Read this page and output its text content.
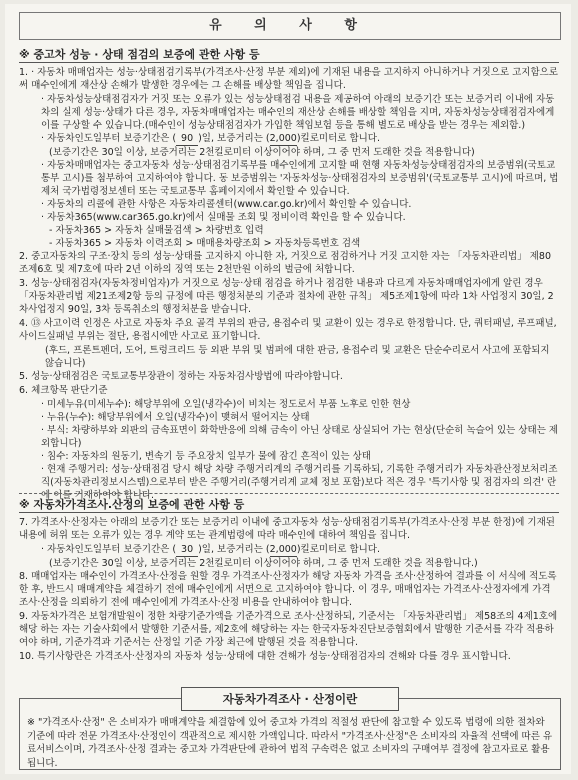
유 의 사 항
※ 중고차 성능 · 상태 점검의 보증에 관한 사항 등

1. · 자동차 매매업자는 성능·상태점검기록부(가격조사·산정 부분 제외)에 기재된 내용을 고지하지 아니하거나 거짓으로 고지함으로써 매수인에게 재산상 손해가 발생한 경우에는 그 손해를 배상할 책임을 집니다.

· 자동차성능상태점검자가 거짓 또는 오류가 있는 성능상태점검 내용을 제공하여 아래의 보증기간 또는 보증거리 이내에 자동차의 실제 성능·상태가 다른 경우, 자동차매매업자는 매수인의 재산상 손해를 배상할 책임을 지며, 자동차성능상태점검자에게 이를 구상할 수 있습니다.(매수인이 성능상태점검자가 가입한 책임보험 등을 통해 별도로 배상을 받는 경우는 제외함.)

· 자동차인도일부터 보증기간은 ( 90 )일, 보증거리는 (2,000)킬로미터로 합니다.

(보증기간은 30일 이상, 보증거리는 2천킬로미터 이상이어야 하며, 그 중 먼저 도래한 것을 적용합니다)

· 자동차매매업자는 중고자동차 성능·상태점검기록부를 매수인에게 고지할 때 현행 자동차성능상태점검자의 보증범위(국토교통부 고시)를 첨부하여 고지하여야 합니다. 동 보증범위는 '자동차성능·상태점검자의 보증범위'(국토교통부 고시)에 따르며, 법제처 국가법령정보센터 또는 국토교통부 홈페이지에서 확인할 수 있습니다.

· 자동차의 리콜에 관한 사항은 자동차리콜센터(www.car.go.kr)에서 확인할 수 있습니다.

· 자동차365(www.car365.go.kr)에서 실매물 조회 및 정비이력 확인을 할 수 있습니다.

- 자동차365 > 자동차 실매물검색 > 차량번호 입력

- 자동차365 > 자동차 이력조회 > 매매용차량조회 > 자동차등록번호 검색

2. 중고자동차의 구조·장치 등의 성능·상태를 고지하지 아니한 자, 거짓으로 점검하거나 거짓 고지한 자는 「자동차관리법」 제80조제6호 및 제7호에 따라 2년 이하의 징역 또는 2천만원 이하의 벌금에 처합니다.

3. 성능·상태점검자(자동차정비업자)가 거짓으로 성능·상태 점검을 하거나 점검한 내용과 다르게 자동차매매업자에게 알린 경우 「자동차관리법 제21조제2항 등의 규정에 따른 행정처분의 기준과 절차에 관한 규칙」 제5조제1항에 따라 1차 사업정지 30일, 2차사업정지 90일, 3차 등록취소의 행정처분을 받습니다.

4. ⑬ 사고이력 인정은 사고로 자동차 주요 골격 부위의 판금, 용접수리 및 교환이 있는 경우로 한정합니다. 단, 쿼터패널, 루프패널, 사이드실패널 부위는 절단, 용접시에만 사고로 표기합니다.

(후드, 프론트펜더, 도어, 트렁크리드 등 외판 부위 및 범퍼에 대한 판금, 용접수리 및 교환은 단순수리로서 사고에 포함되지 않습니다)

5. 성능·상태점검은 국토교통부장관이 정하는 자동차검사방법에 따라야합니다.

6. 체크항목 판단기준

· 미세누유(미세누수): 해당부위에 오일(냉각수)이 비치는 정도로서 부품 노후로 인한 현상

· 누유(누수): 해당부위에서 오일(냉각수)이 맺혀서 떨어지는 상태

· 부식: 차량하부와 외판의 금속표면이 화학반응에 의해 금속이 아닌 상태로 상실되어 가는 현상(단순히 녹슬어 있는 상태는 제외합니다)

· 침수: 자동차의 원동기, 변속기 등 주요장치 일부가 물에 잠긴 흔적이 있는 상태

· 현재 주행거리: 성능·상태점검 당시 해당 차량 주행거리계의 주행거리를 기록하되, 기록한 주행거리가 자동차관산정보처리조직(자동차관리정보시스템)으로부터 받은 주행거리(주행거리계 교체 정보 포함)보다 적은 경우 '특기사항 및 점검자의 의견' 란에 이를 기재하여야 합니다.

※ 자동차가격조사.산정의 보증에 관한 사항 등

7. 가격조사·산정자는 아래의 보증기간 또는 보증거리 이내에 중고자동차 성능·상태점검기록부(가격조사·산정 부분 한정)에 기재된 내용에 허위 또는 오류가 있는 경우 계약 또는 관계법령에 따라 매수인에 대하여 책임을 집니다.

· 자동차인도일부터 보증기간은 ( 30 )일, 보증거리는 (2,000)킬로미터로 합니다.

(보증기간은 30일 이상, 보증거리는 2천킬로미터 이상이어야 하며, 그 중 먼저 도래한 것을 적용합니다.)

8. 매매업자는 매수인이 가격조사·산정을 원할 경우 가격조사·산정자가 해당 자동차 가격을 조사·산정하여 결과를 이 서식에 적도록 한 후, 반드시 매매계약을 체결하기 전에 매수인에게 서면으로 고지하여야 합니다. 이 경우, 매매업자는 가격조사·산정자에게 가격조사·산정을 의뢰하기 전에 매수인에게 가격조사·산정 비용을 안내하여야 합니다.

9. 자동차가격은 보험개발원이 정한 차량기준가액을 기준가격으로 조사·산정하되, 기준서는 「자동차관리법」 제58조의 4제1호에 해당 하는 자는 기술사회에서 발행한 기준서를, 제2호에 해당하는 자는 한국자동차진단보증협회에서 발행한 기준서를 각각 적용하여야 하며, 기준가격과 기준서는 산정일 기준 가장 최근에 발행된 것을 적용합니다.

10. 특기사항란은 가격조사·산정자의 자동차 성능·상태에 대한 견해가 성능·상태점검자의 견해와 다를 경우 표시합니다.

자동차가격조사 · 산정이란
※ "가격조사·산정" 은 소비자가 매매계약을 체결함에 있어 중고차 가격의 적절성 판단에 참고할 수 있도록 법령에 의한 절차와 기준에 따라 전문 가격조사·산정인이 객관적으로 제시한 가액입니다. 따라서 "가격조사·산정"은 소비자의 자율적 선택에 따른 유료서비스이며, 가격조사·산정 결과는 중고차 가격판단에 관하여 법적 구속력은 없고 소비자의 구매여부 결정에 참고자료로 활용됩니다.
